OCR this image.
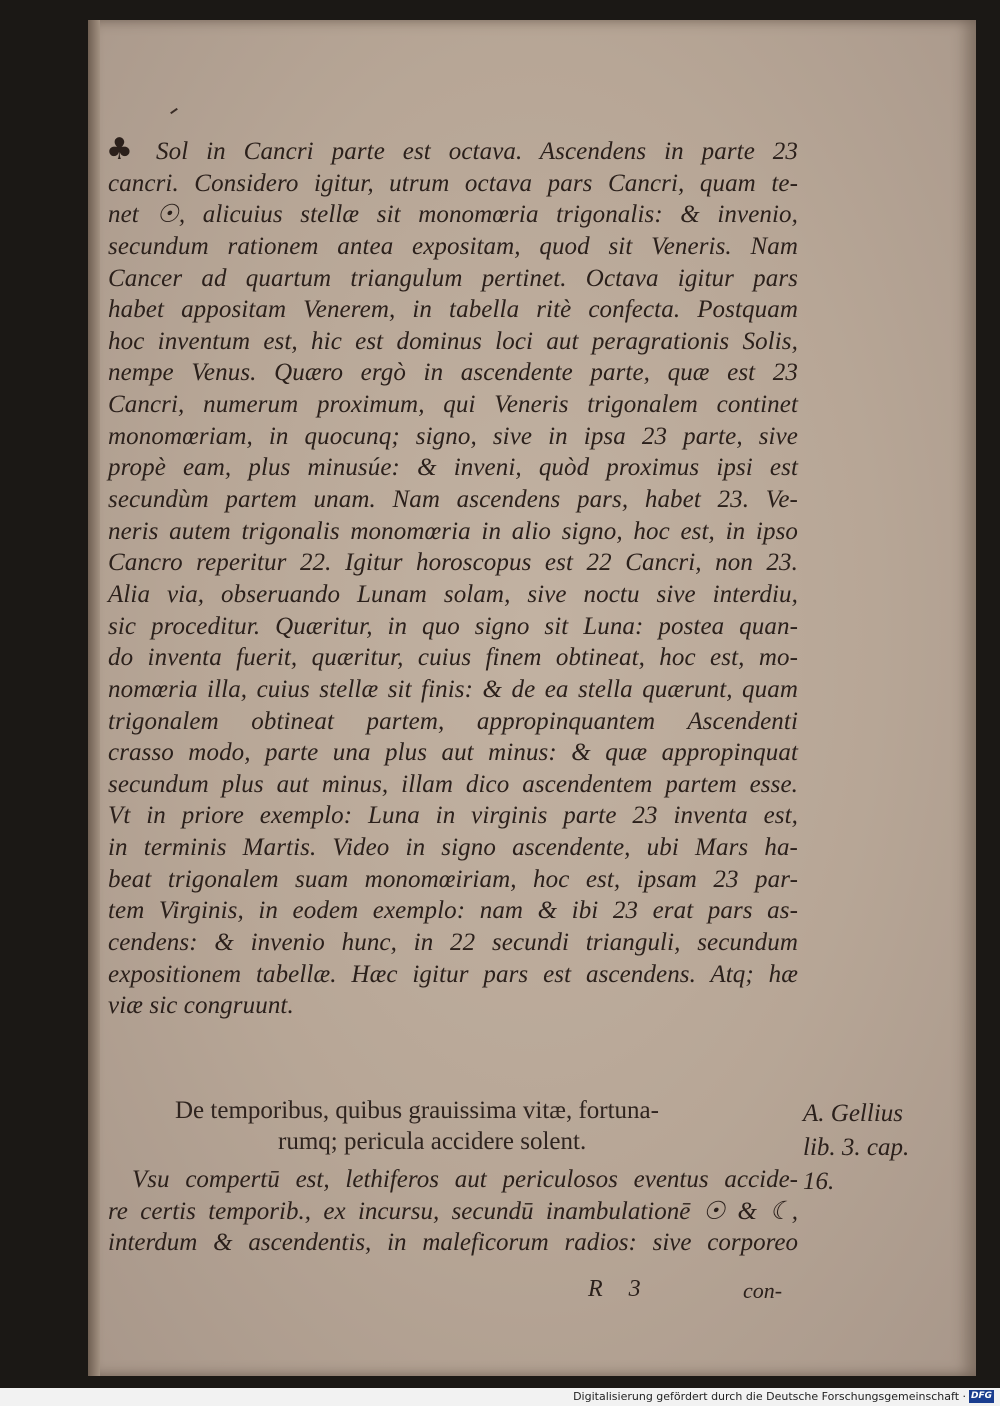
♣ Sol in Cancri parte est octava. Ascendens in parte 23
cancri. Considero igitur, utrum octava pars Cancri, quam te-
net ☉, alicuius stellæ sit monomœria trigonalis: & invenio,
secundum rationem antea expositam, quod sit Veneris. Nam
Cancer ad quartum triangulum pertinet. Octava igitur pars
habet appositam Venerem, in tabella ritè confecta. Postquam
hoc inventum est, hic est dominus loci aut peragrationis Solis,
nempe Venus. Quæro ergò in ascendente parte, quæ est 23
Cancri, numerum proximum, qui Veneris trigonalem continet
monomœriam, in quocunq; signo, sive in ipsa 23 parte, sive
propè eam, plus minusúe: & inveni, quòd proximus ipsi est
secundùm partem unam. Nam ascendens pars, habet 23. Ve-
neris autem trigonalis monomœria in alio signo, hoc est, in ipso
Cancro reperitur 22. Igitur horoscopus est 22 Cancri, non 23.
Alia via, obseruando Lunam solam, sive noctu sive interdiu,
sic proceditur. Quæritur, in quo signo sit Luna: postea quan-
do inventa fuerit, quæritur, cuius finem obtineat, hoc est, mo-
nomœria illa, cuius stellæ sit finis: & de ea stella quærunt, quam
trigonalem obtineat partem, appropinquantem Ascendenti
crasso modo, parte una plus aut minus: & quæ appropinquat
secundum plus aut minus, illam dico ascendentem partem esse.
Vt in priore exemplo: Luna in virginis parte 23 inventa est,
in terminis Martis. Video in signo ascendente, ubi Mars ha-
beat trigonalem suam monomœiriam, hoc est, ipsam 23 par-
tem Virginis, in eodem exemplo: nam & ibi 23 erat pars as-
cendens: & invenio hunc, in 22 secundi trianguli, secundum
expositionem tabellæ. Hæc igitur pars est ascendens. Atq; hæ
viæ sic congruunt.
De temporibus, quibus grauissima vitæ, fortuna-
rumq; pericula accidere solent.
Vsu compertū est, lethiferos aut periculosos eventus accide-
re certis temporib., ex incursu, secundū inambulationē ☉ & ☾,
interdum & ascendentis, in maleficorum radios: sive corporeo
A. Gellius
lib. 3. cap.
16.
R 3	con-
Digitalisierung gefördert durch die Deutsche Forschungsgemeinschaft · DFG
